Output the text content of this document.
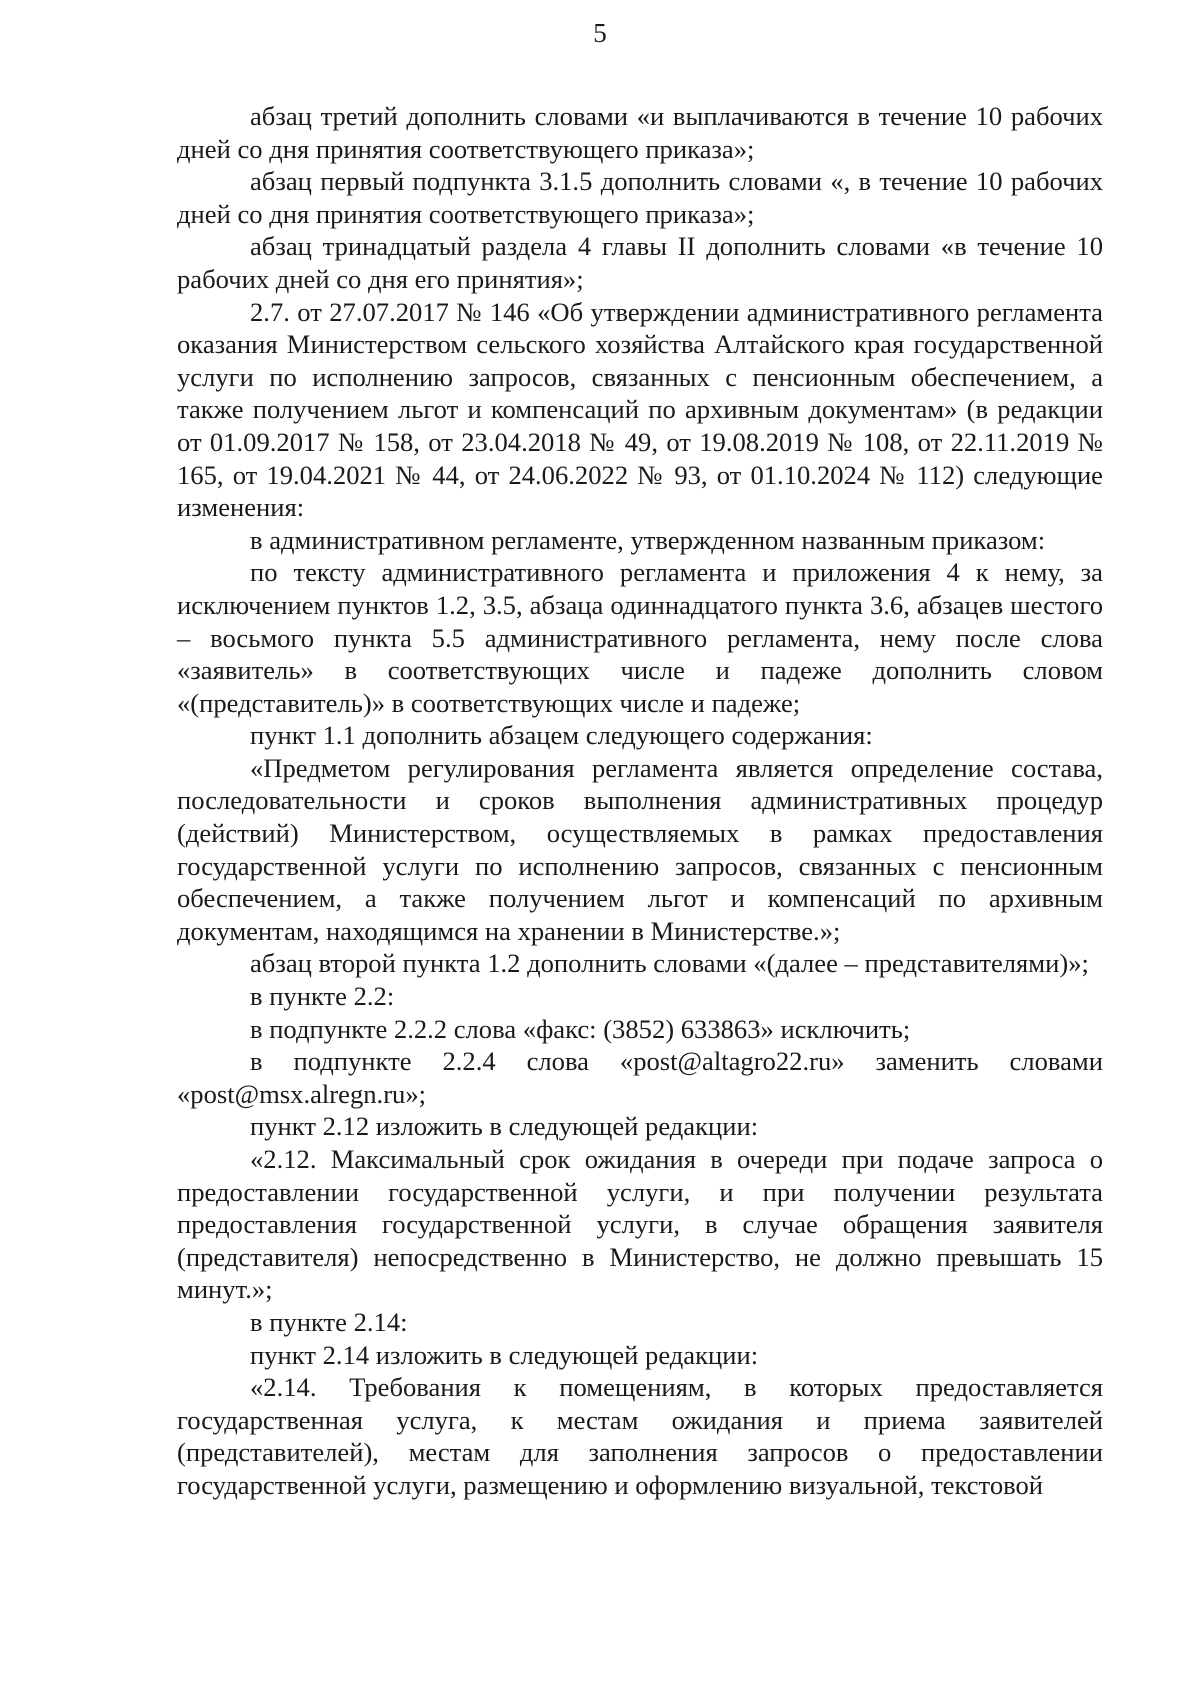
5

абзац третий дополнить словами «и выплачиваются в течение 10 рабочих дней со дня принятия соответствующего приказа»;

абзац первый подпункта 3.1.5 дополнить словами «, в течение 10 рабочих дней со дня принятия соответствующего приказа»;

абзац тринадцатый раздела 4 главы II дополнить словами «в течение 10 рабочих дней со дня его принятия»;

2.7. от 27.07.2017 № 146 «Об утверждении административного регламента оказания Министерством сельского хозяйства Алтайского края государственной услуги по исполнению запросов, связанных с пенсионным обеспечением, а также получением льгот и компенсаций по архивным документам» (в редакции от 01.09.2017 № 158, от 23.04.2018 № 49, от 19.08.2019 № 108, от 22.11.2019 № 165, от 19.04.2021 № 44, от 24.06.2022 № 93, от 01.10.2024 № 112) следующие изменения:

в административном регламенте, утвержденном названным приказом:

по тексту административного регламента и приложения 4 к нему, за исключением пунктов 1.2, 3.5, абзаца одиннадцатого пункта 3.6, абзацев шестого – восьмого пункта 5.5 административного регламента, нему после слова «заявитель» в соответствующих числе и падеже дополнить словом «(представитель)» в соответствующих числе и падеже;

пункт 1.1 дополнить абзацем следующего содержания:

«Предметом регулирования регламента является определение состава, последовательности и сроков выполнения административных процедур (действий) Министерством, осуществляемых в рамках предоставления государственной услуги по исполнению запросов, связанных с пенсионным обеспечением, а также получением льгот и компенсаций по архивным документам, находящимся на хранении в Министерстве.»;

абзац второй пункта 1.2 дополнить словами «(далее – представителями)»;

в пункте 2.2:

в подпункте 2.2.2 слова «факс: (3852) 633863» исключить;

в подпункте 2.2.4 слова «post@altagro22.ru» заменить словами «post@msx.alregn.ru»;

пункт 2.12 изложить в следующей редакции:

«2.12. Максимальный срок ожидания в очереди при подаче запроса о предоставлении государственной услуги, и при получении результата предоставления государственной услуги, в случае обращения заявителя (представителя) непосредственно в Министерство, не должно превышать 15 минут.»;

в пункте 2.14:

пункт 2.14 изложить в следующей редакции:

«2.14. Требования к помещениям, в которых предоставляется государственная услуга, к местам ожидания и приема заявителей (представителей), местам для заполнения запросов о предоставлении государственной услуги, размещению и оформлению визуальной, текстовой
